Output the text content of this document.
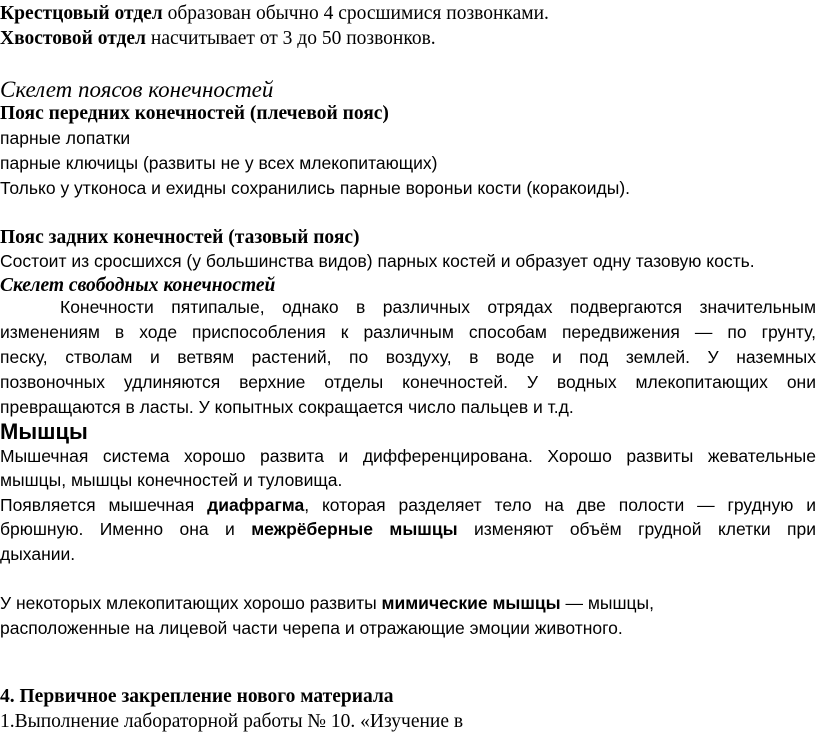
Крестцовый отдел образован обычно 4 сросшимися позвонками.
Хвостовой отдел насчитывает от 3 до 50 позвонков.
Скелет поясов конечностей
Пояс передних конечностей (плечевой пояс)
парные лопатки
парные ключицы (развиты не у всех млекопитающих)
Только у утконоса и ехидны сохранились парные вороньи кости (коракоиды).
Пояс задних конечностей (тазовый пояс)
Состоит из сросшихся (у большинства видов) парных костей и образует одну тазовую кость.
Скелет свободных конечностей
Конечности пятипалые, однако в различных отрядах подвергаются значительным
изменениям в ходе приспособления к различным способам передвижения — по грунту,
песку, стволам и ветвям растений, по воздуху, в воде и под землей. У наземных
позвоночных удлиняются верхние отделы конечностей. У водных млекопитающих они
превращаются в ласты. У копытных сокращается число пальцев и т.д.
Мышцы
Мышечная система хорошо развита и дифференцирована. Хорошо развиты жевательные
мышцы, мышцы конечностей и туловища.
Появляется мышечная диафрагма, которая разделяет тело на две полости — грудную и
брюшную. Именно она и межрёберные мышцы изменяют объём грудной клетки при
дыхании.
У некоторых млекопитающих хорошо развиты мимические мышцы — мышцы,
расположенные на лицевой части черепа и отражающие эмоции животного.
4. Первичное закрепление нового материала
1.Выполнение лабораторной работы № 10. «Изучение в
